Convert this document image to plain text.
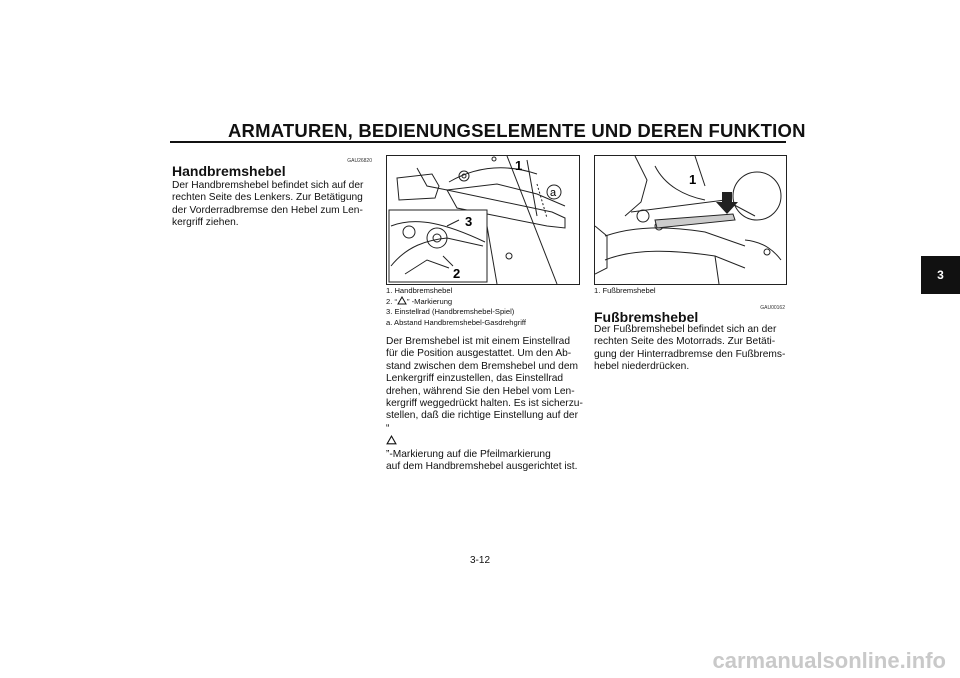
ARMATUREN, BEDIENUNGSELEMENTE UND DEREN FUNKTION
3
GAU26820
Handbremshebel

Der Handbremshebel befindet sich auf der
rechten Seite des Lenkers. Zur Betätigung
der Vorderradbremse den Hebel zum Len-
kergriff ziehen.

1
a
3
2
1. Handbremshebel
2. “ ” -Markierung
3. Einstellrad (Handbremshebel-Spiel)
a. Abstand Handbremshebel-Gasdrehgriff

Der Bremshebel ist mit einem Einstellrad
für die Position ausgestattet. Um den Ab-
stand zwischen dem Bremshebel und dem
Lenkergriff einzustellen, das Einstellrad
drehen, während Sie den Hebel vom Len-
kergriff weggedrückt halten. Es ist sicherzu-
stellen, daß die richtige Einstellung auf der
“
”-Markierung auf die Pfeilmarkierung
auf dem Handbremshebel ausgerichtet ist.

1
1. Fußbremshebel
GAU00162
Fußbremshebel

Der Fußbremshebel befindet sich an der
rechten Seite des Motorrads. Zur Betäti-
gung der Hinterradbremse den Fußbrems-
hebel niederdrücken.

3-12
carmanualsonline.info
